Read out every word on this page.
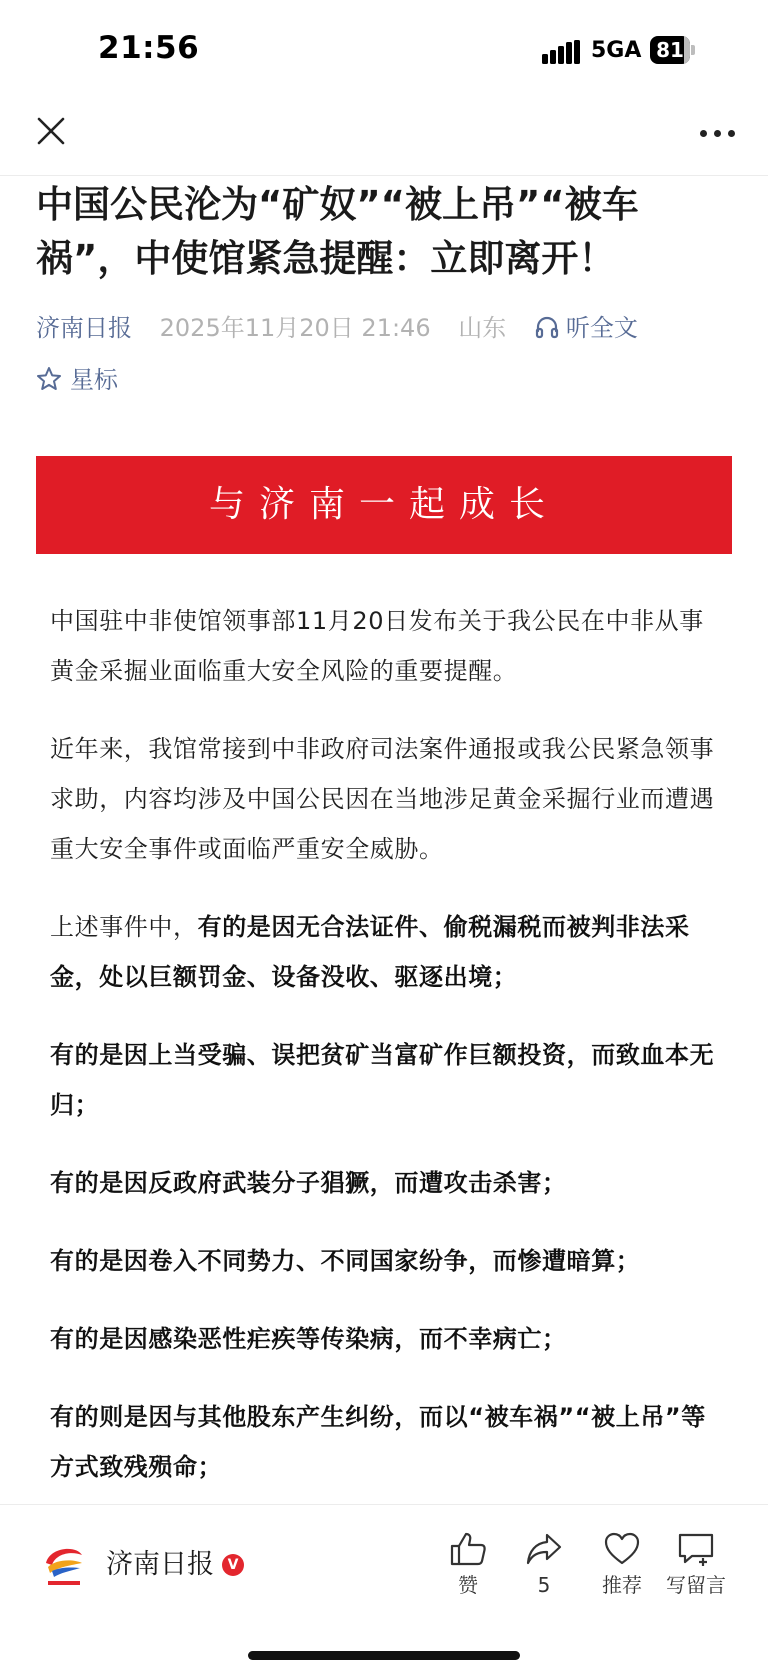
21:56	5GA 81
中国公民沦为“矿奴”“被上吊”“被车祸”，中使馆紧急提醒：立即离开！
济南日报 2025年11月20日 21:46 山东 听全文
星标
与济南一起成长

中国驻中非使馆领事部11月20日发布关于我公民在中非从事黄金采掘业面临重大安全风险的重要提醒。

近年来，我馆常接到中非政府司法案件通报或我公民紧急领事求助，内容均涉及中国公民因在当地涉足黄金采掘行业而遭遇重大安全事件或面临严重安全威胁。

上述事件中，有的是因无合法证件、偷税漏税而被判非法采金，处以巨额罚金、设备没收、驱逐出境；

有的是因上当受骗、误把贫矿当富矿作巨额投资，而致血本无归；

有的是因反政府武装分子猖獗，而遭攻击杀害；

有的是因卷入不同势力、不同国家纷争，而惨遭暗算；

有的是因感染恶性疟疾等传染病，而不幸病亡；

有的则是因与其他股东产生纠纷，而以“被车祸”“被上吊”等方式致残殒命；

济南日报 V
赞	5	推荐	写留言
